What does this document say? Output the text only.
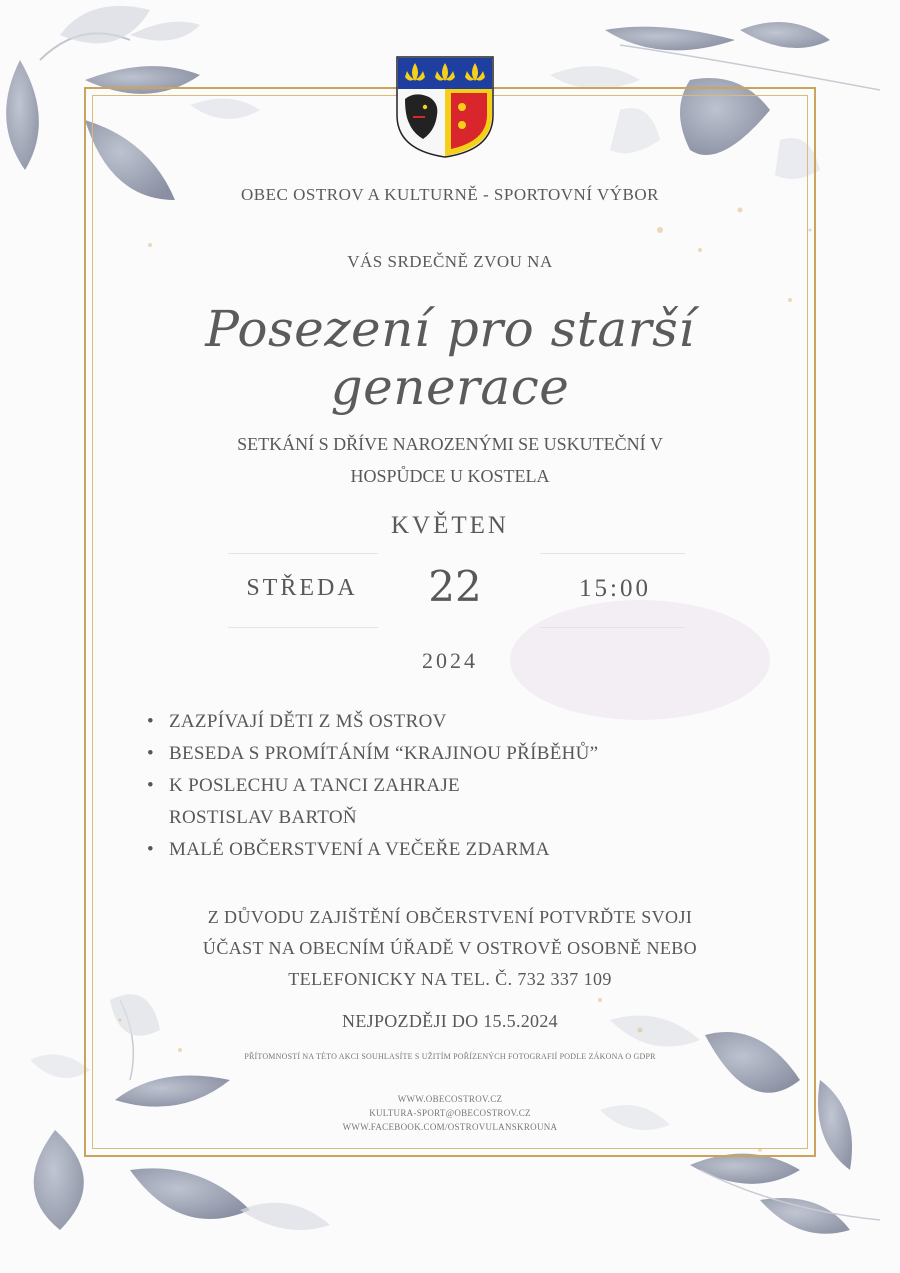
OBEC OSTROV A KULTURNĚ - SPORTOVNÍ VÝBOR
VÁS SRDEČNĚ ZVOU NA
Posezení pro starší generace
SETKÁNÍ S DŘÍVE NAROZENÝMI SE USKUTEČNÍ V
HOSPŮDCE U KOSTELA
KVĚTEN
STŘEDA	22	15:00
2024
• ZAZPÍVAJÍ DĚTI Z MŠ OSTROV
• BESEDA S PROMÍTÁNÍM “KRAJINOU PŘÍBĚHŮ”
• K POSLECHU A TANCI ZAHRAJE ROSTISLAV BARTOŇ
• MALÉ OBČERSTVENÍ A VEČEŘE ZDARMA
Z DŮVODU ZAJIŠTĚNÍ OBČERSTVENÍ POTVRĎTE SVOJI
ÚČAST NA OBECNÍM ÚŘADĚ V OSTROVĚ OSOBNĚ NEBO
TELEFONICKY NA TEL. Č. 732 337 109
NEJPOZDĚJI DO 15.5.2024
PŘÍTOMNOSTÍ NA TÉTO AKCI SOUHLASÍTE S UŽITÍM POŘÍZENÝCH FOTOGRAFIÍ PODLE ZÁKONA O GDPR
WWW.OBECOSTROV.CZ
KULTURA-SPORT@OBECOSTROV.CZ
WWW.FACEBOOK.COM/OSTROVULANSKROUNA
